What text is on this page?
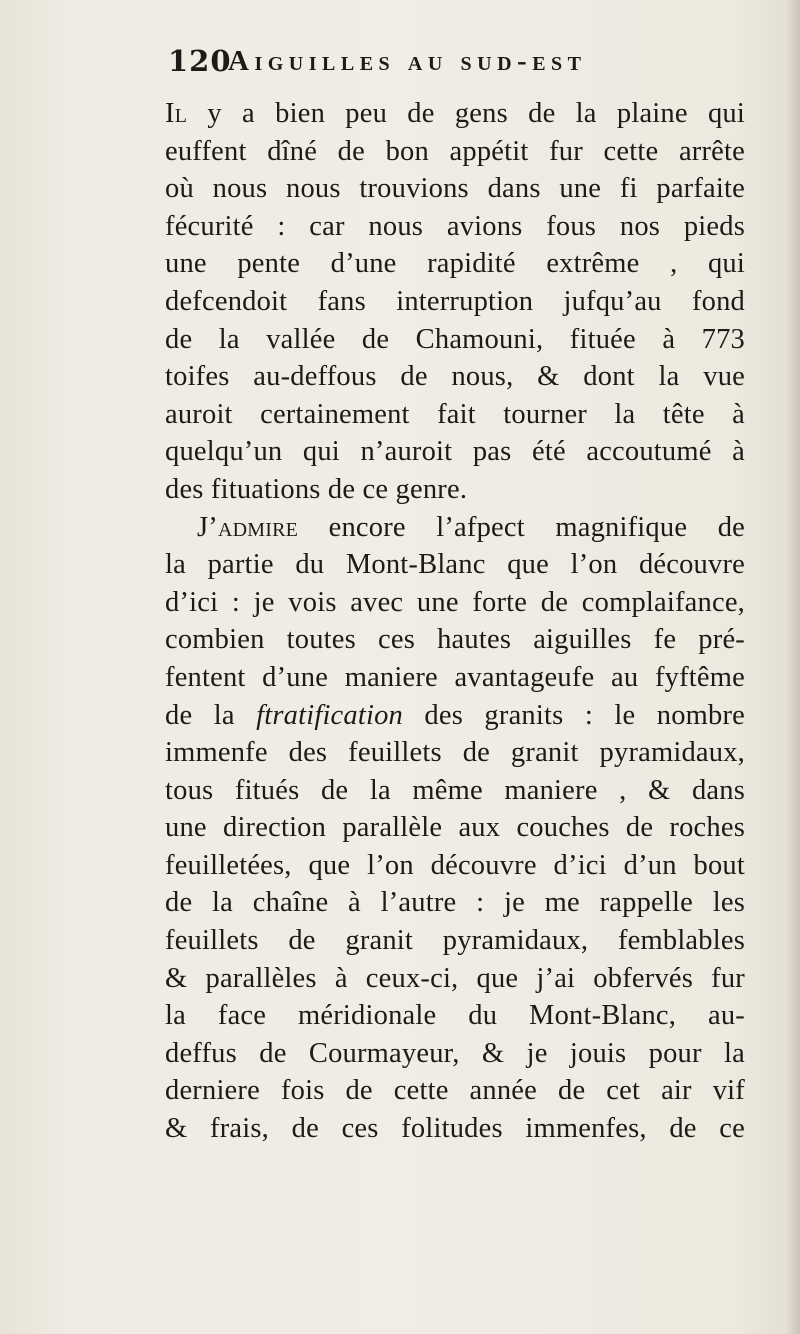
120
Aiguilles au sud-est
Il y a bien peu de gens de la plaine qui
euffent dîné de bon appétit fur cette arrête
où nous nous trouvions dans une fi parfaite
fécurité : car nous avions fous nos pieds
une pente d’une rapidité extrême , qui
defcendoit fans interruption jufqu’au fond
de la vallée de Chamouni, fituée à 773
toifes au-deffous de nous, & dont la vue
auroit certainement fait tourner la tête à
quelqu’un qui n’auroit pas été accoutumé à
des fituations de ce genre.
J’admire encore l’afpect magnifique de
la partie du Mont-Blanc que l’on découvre
d’ici : je vois avec une forte de complaifance,
combien toutes ces hautes aiguilles fe pré-
fentent d’une maniere avantageufe au fyftême
de la ftratification des granits : le nombre
immenfe des feuillets de granit pyramidaux,
tous fitués de la même maniere , & dans
une direction parallèle aux couches de roches
feuilletées, que l’on découvre d’ici d’un bout
de la chaîne à l’autre : je me rappelle les
feuillets de granit pyramidaux, femblables
& parallèles à ceux-ci, que j’ai obfervés fur
la face méridionale du Mont-Blanc, au-
deffus de Courmayeur, & je jouis pour la
derniere fois de cette année de cet air vif
& frais, de ces folitudes immenfes, de ce
